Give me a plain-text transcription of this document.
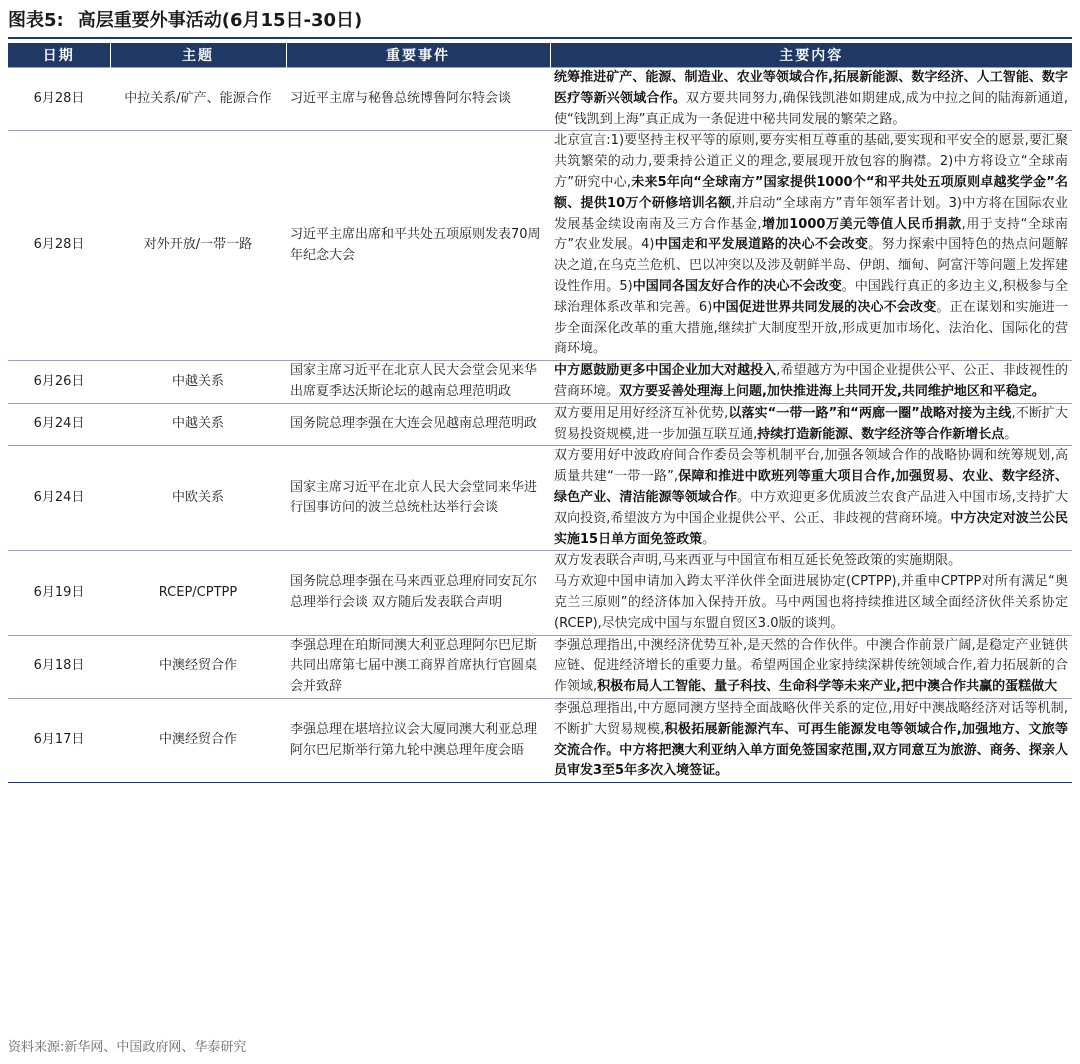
图表5: 高层重要外事活动(6月15日-30日)
日期	主题	重要事件	主要内容
6月28日	中拉关系/矿产、能源合作	习近平主席与秘鲁总统博鲁阿尔特会谈	统筹推进矿产、能源、制造业、农业等领域合作,拓展新能源、数字经济、人工智能、数字医疗等新兴领域合作。双方要共同努力,确保钱凯港如期建成,成为中拉之间的陆海新通道,使“钱凯到上海”真正成为一条促进中秘共同发展的繁荣之路。

6月28日	对外开放/一带一路	习近平主席出席和平共处五项原则发表70周年纪念大会	北京宣言:1)要坚持主权平等的原则,要夯实相互尊重的基础,要实现和平安全的愿景,要汇聚共筑繁荣的动力,要秉持公道正义的理念,要展现开放包容的胸襟。2)中方将设立“全球南方”研究中心,未来5年向“全球南方”国家提供1000个“和平共处五项原则卓越奖学金”名额、提供10万个研修培训名额,并启动“全球南方”青年领军者计划。3)中方将在国际农业发展基金续设南南及三方合作基金,增加1000万美元等值人民币捐款,用于支持“全球南方”农业发展。4)中国走和平发展道路的决心不会改变。努力探索中国特色的热点问题解决之道,在乌克兰危机、巴以冲突以及涉及朝鲜半岛、伊朗、缅甸、阿富汗等问题上发挥建设性作用。5)中国同各国友好合作的决心不会改变。中国践行真正的多边主义,积极参与全球治理体系改革和完善。6)中国促进世界共同发展的决心不会改变。正在谋划和实施进一步全面深化改革的重大措施,继续扩大制度型开放,形成更加市场化、法治化、国际化的营商环境。

6月26日	中越关系	国家主席习近平在北京人民大会堂会见来华出席夏季达沃斯论坛的越南总理范明政	中方愿鼓励更多中国企业加大对越投入,希望越方为中国企业提供公平、公正、非歧视性的营商环境。双方要妥善处理海上问题,加快推进海上共同开发,共同维护地区和平稳定。

6月24日	中越关系	国务院总理李强在大连会见越南总理范明政	双方要用足用好经济互补优势,以落实“一带一路”和“两廊一圈”战略对接为主线,不断扩大贸易投资规模,进一步加强互联互通,持续打造新能源、数字经济等合作新增长点。

6月24日	中欧关系	国家主席习近平在北京人民大会堂同来华进行国事访问的波兰总统杜达举行会谈	双方要用好中波政府间合作委员会等机制平台,加强各领域合作的战略协调和统筹规划,高质量共建“一带一路”,保障和推进中欧班列等重大项目合作,加强贸易、农业、数字经济、绿色产业、清洁能源等领域合作。中方欢迎更多优质波兰农食产品进入中国市场,支持扩大双向投资,希望波方为中国企业提供公平、公正、非歧视的营商环境。中方决定对波兰公民实施15日单方面免签政策。

6月19日	RCEP/CPTPP	国务院总理李强在马来西亚总理府同安瓦尔总理举行会谈 双方随后发表联合声明	双方发表联合声明,马来西亚与中国宣布相互延长免签政策的实施期限。

马方欢迎中国申请加入跨太平洋伙伴全面进展协定(CPTPP),并重申CPTPP对所有满足“奥克兰三原则”的经济体加入保持开放。马中两国也将持续推进区域全面经济伙伴关系协定(RCEP),尽快完成中国与东盟自贸区3.0版的谈判。

6月18日	中澳经贸合作	李强总理在珀斯同澳大利亚总理阿尔巴尼斯共同出席第七届中澳工商界首席执行官圆桌会并致辞	李强总理指出,中澳经济优势互补,是天然的合作伙伴。中澳合作前景广阔,是稳定产业链供应链、促进经济增长的重要力量。希望两国企业家持续深耕传统领域合作,着力拓展新的合作领域,积极布局人工智能、量子科技、生命科学等未来产业,把中澳合作共赢的蛋糕做大

6月17日	中澳经贸合作	李强总理在堪培拉议会大厦同澳大利亚总理阿尔巴尼斯举行第九轮中澳总理年度会晤	李强总理指出,中方愿同澳方坚持全面战略伙伴关系的定位,用好中澳战略经济对话等机制,不断扩大贸易规模,积极拓展新能源汽车、可再生能源发电等领域合作,加强地方、文旅等交流合作。中方将把澳大利亚纳入单方面免签国家范围,双方同意互为旅游、商务、探亲人员审发3至5年多次入境签证。

资料来源:新华网、中国政府网、华泰研究
